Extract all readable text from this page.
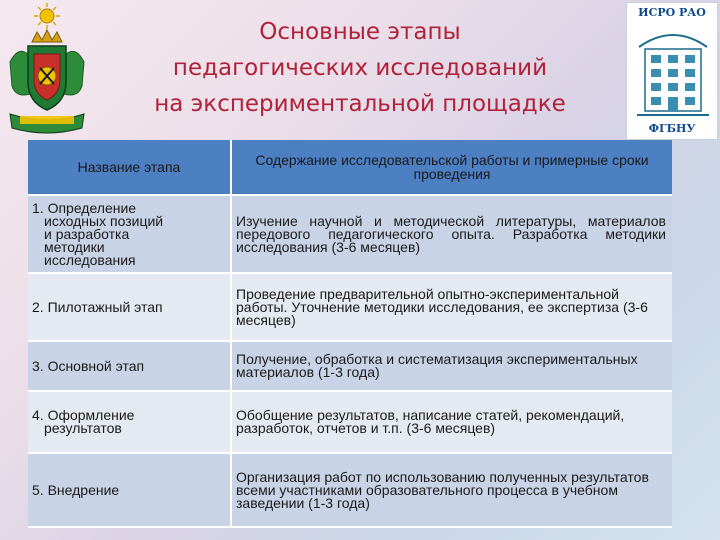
ИСРО РАО
ФГБНУ
Основные этапы
педагогических исследований
на экспериментальной площадке
Название этапа	Содержание исследовательской работы и примерные сроки проведения

1. Определение
исходных позиций
и разработка
методики
исследования	Изучение научной и методической литературы, материалов передового педагогического опыта. Разработка методики исследования (3-6 месяцев)

2. Пилотажный этап	Проведение предварительной опытно-экспериментальной работы. Уточнение методики исследования, ее экспертиза (3-6 месяцев)

3. Основной этап	Получение, обработка и систематизация экспериментальных материалов (1-3 года)

4. Оформление
результатов	Обобщение результатов, написание статей, рекомендаций, разработок, отчетов и т.п. (3-6 месяцев)

5. Внедрение	Организация работ по использованию полученных результатов всеми участниками образовательного процесса в учебном заведении (1-3 года)
